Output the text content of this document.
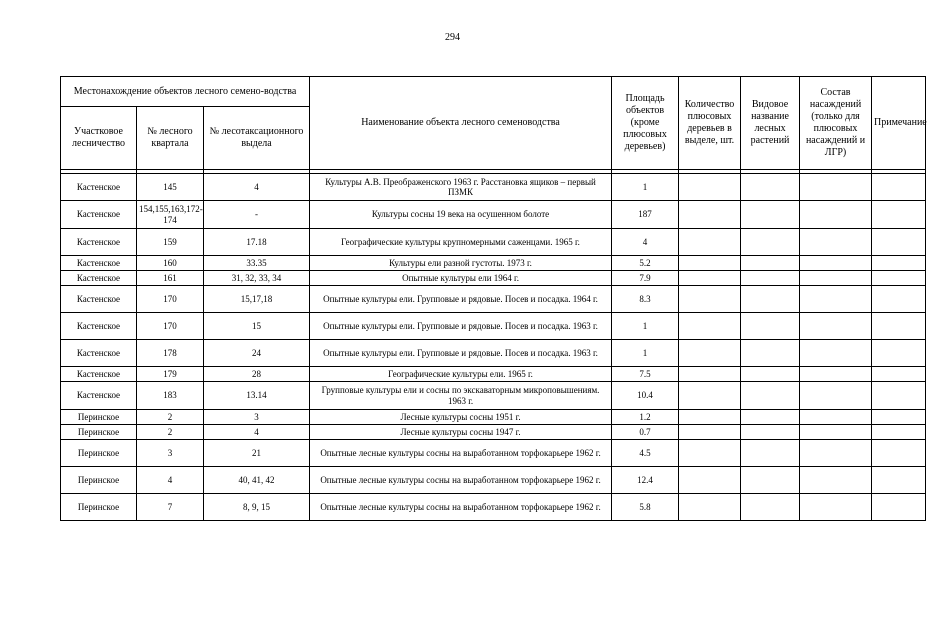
294
Местонахождение объектов лесного семено-водства			Наименование объекта лесного семеноводства	Площадь объектов (кроме плюсовых деревьев)	Количество плюсовых деревьев в выделе, шт.	Видовое название лесных растений	Состав насаждений (только для плюсовых насаждений и ЛГР)	Примечание
Участковое лесничество	№ лесного квартала	№ лесотаксационного выдела						

Кастенское	145	4	Культуры А.В. Преображенского 1963 г. Расстановка ящиков – первый ПЗМК	1				
Кастенское	154,155,163,172-174	-	Культуры сосны 19 века на осушенном болоте	187				
Кастенское	159	17.18	Географические культуры крупномерными саженцами. 1965 г.	4				
Кастенское	160	33.35	Культуры ели разной густоты. 1973 г.	5.2				
Кастенское	161	31, 32, 33, 34	Опытные культуры ели 1964 г.	7.9				
Кастенское	170	15,17,18	Опытные культуры ели. Групповые и рядовые. Посев и посадка. 1964 г.	8.3				
Кастенское	170	15	Опытные культуры ели. Групповые и рядовые. Посев и посадка. 1963 г.	1				
Кастенское	178	24	Опытные культуры ели. Групповые и рядовые. Посев и посадка. 1963 г.	1				
Кастенское	179	28	Географические культуры ели. 1965 г.	7.5				
Кастенское	183	13.14	Групповые культуры ели и сосны по экскаваторным микроповышениям. 1963 г.	10.4				
Перинское	2	3	Лесные культуры сосны 1951 г.	1.2				
Перинское	2	4	Лесные культуры сосны 1947 г.	0.7				
Перинское	3	21	Опытные лесные культуры сосны на выработанном торфокарьере 1962 г.	4.5				
Перинское	4	40, 41, 42	Опытные лесные культуры сосны на выработанном торфокарьере 1962 г.	12.4				
Перинское	7	8, 9, 15	Опытные лесные культуры сосны на выработанном торфокарьере 1962 г.	5.8				
